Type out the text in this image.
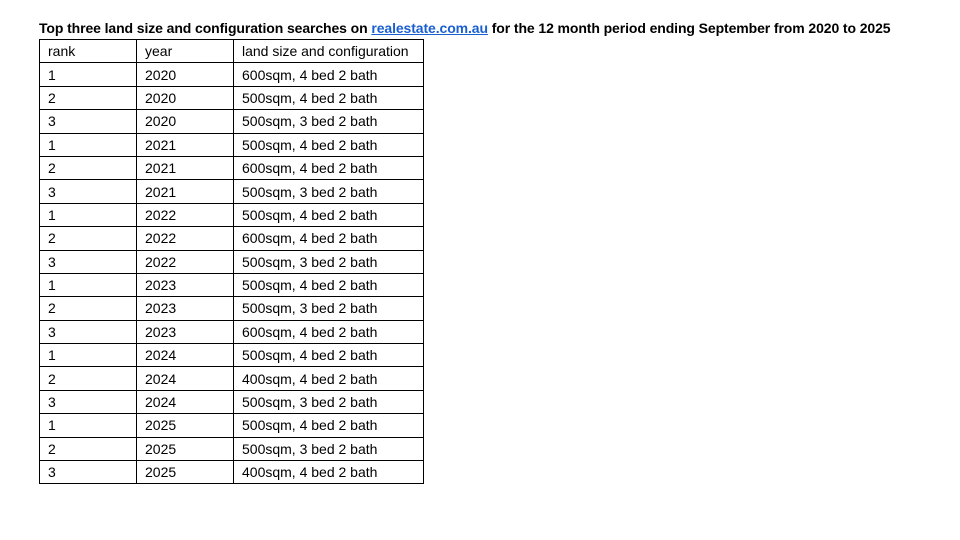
Top three land size and configuration searches on realestate.com.au for the 12 month period ending September from 2020 to 2025
rank	year	land size and configuration
1	2020	600sqm, 4 bed 2 bath
2	2020	500sqm, 4 bed 2 bath
3	2020	500sqm, 3 bed 2 bath
1	2021	500sqm, 4 bed 2 bath
2	2021	600sqm, 4 bed 2 bath
3	2021	500sqm, 3 bed 2 bath
1	2022	500sqm, 4 bed 2 bath
2	2022	600sqm, 4 bed 2 bath
3	2022	500sqm, 3 bed 2 bath
1	2023	500sqm, 4 bed 2 bath
2	2023	500sqm, 3 bed 2 bath
3	2023	600sqm, 4 bed 2 bath
1	2024	500sqm, 4 bed 2 bath
2	2024	400sqm, 4 bed 2 bath
3	2024	500sqm, 3 bed 2 bath
1	2025	500sqm, 4 bed 2 bath
2	2025	500sqm, 3 bed 2 bath
3	2025	400sqm, 4 bed 2 bath
